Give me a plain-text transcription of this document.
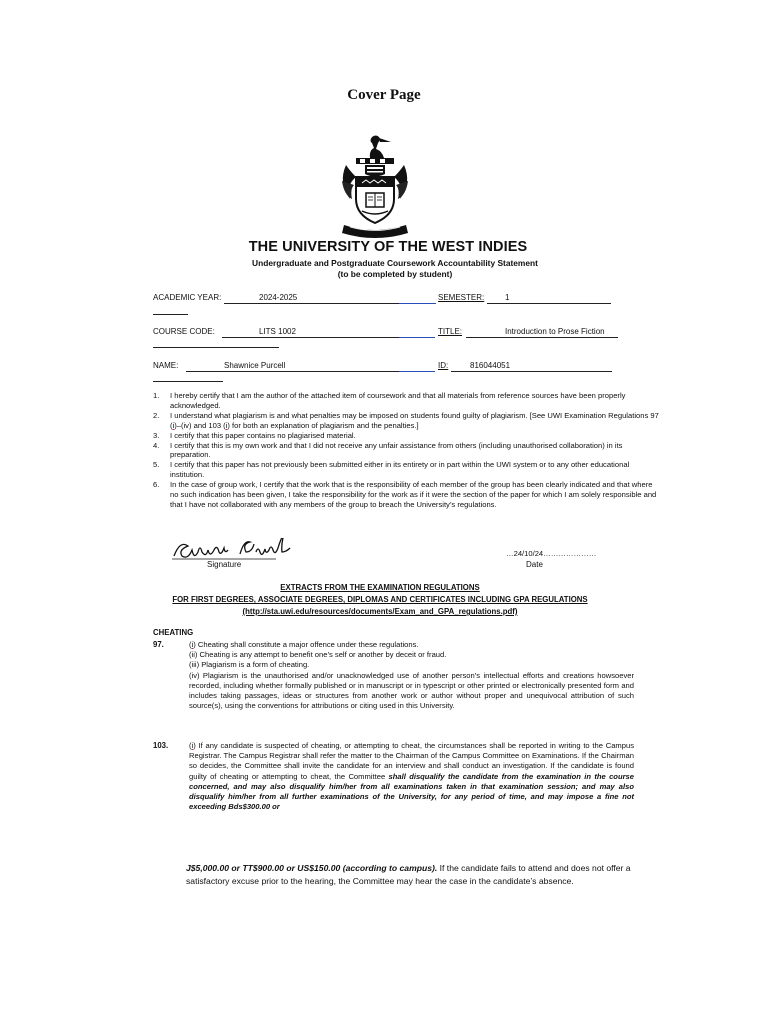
Cover Page
THE UNIVERSITY OF THE WEST INDIES
Undergraduate and Postgraduate Coursework Accountability Statement
(to be completed by student)
ACADEMIC YEAR:	2024-2025	SEMESTER:	1
COURSE CODE:	LITS 1002	TITLE:	Introduction to Prose Fiction
NAME:	Shawnice Purcell	ID:	816044051
1. I hereby certify that I am the author of the attached item of coursework and that all materials from reference sources have been properly acknowledged.
2. I understand what plagiarism is and what penalties may be imposed on students found guilty of plagiarism. [See UWI Examination Regulations 97 (i)–(iv) and 103 (i) for both an explanation of plagiarism and the penalties.]
3. I certify that this paper contains no plagiarised material.
4. I certify that this is my own work and that I did not receive any unfair assistance from others (including unauthorised collaboration) in its preparation.
5. I certify that this paper has not previously been submitted either in its entirety or in part within the UWI system or to any other educational institution.
6. In the case of group work, I certify that the work that is the responsibility of each member of the group has been clearly indicated and that where no such indication has been given, I take the responsibility for the work as if it were the section of the paper for which I am solely responsible and that I have not collaborated with any members of the group to breach the University’s regulations.
Signature
…24/10/24…………………
Date
EXTRACTS FROM THE EXAMINATION REGULATIONS
FOR FIRST DEGREES, ASSOCIATE DEGREES, DIPLOMAS AND CERTIFICATES INCLUDING GPA REGULATIONS
(http://sta.uwi.edu/resources/documents/Exam_and_GPA_regulations.pdf)
CHEATING
97.	(i) Cheating shall constitute a major offence under these regulations.
(ii) Cheating is any attempt to benefit one’s self or another by deceit or fraud.
(iii) Plagiarism is a form of cheating.
(iv) Plagiarism is the unauthorised and/or unacknowledged use of another person’s intellectual efforts and creations howsoever recorded, including whether formally published or in manuscript or in typescript or other printed or electronically presented form and includes taking passages, ideas or structures from another work or author without proper and unequivocal attribution of such source(s), using the conventions for attributions or citing used in this University.
103.	(i) If any candidate is suspected of cheating, or attempting to cheat, the circumstances shall be reported in writing to the Campus Registrar. The Campus Registrar shall refer the matter to the Chairman of the Campus Committee on Examinations. If the Chairman so decides, the Committee shall invite the candidate for an interview and shall conduct an investigation. If the candidate is found guilty of cheating or attempting to cheat, the Committee shall disqualify the candidate from the examination in the course concerned, and may also disqualify him/her from all examinations taken in that examination session; and may also disqualify him/her from all further examinations of the University, for any period of time, and may impose a fine not exceeding Bds$300.00 or
J$5,000.00 or TT$900.00 or US$150.00 (according to campus). If the candidate fails to attend and does not offer a satisfactory excuse prior to the hearing, the Committee may hear the case in the candidate’s absence.
